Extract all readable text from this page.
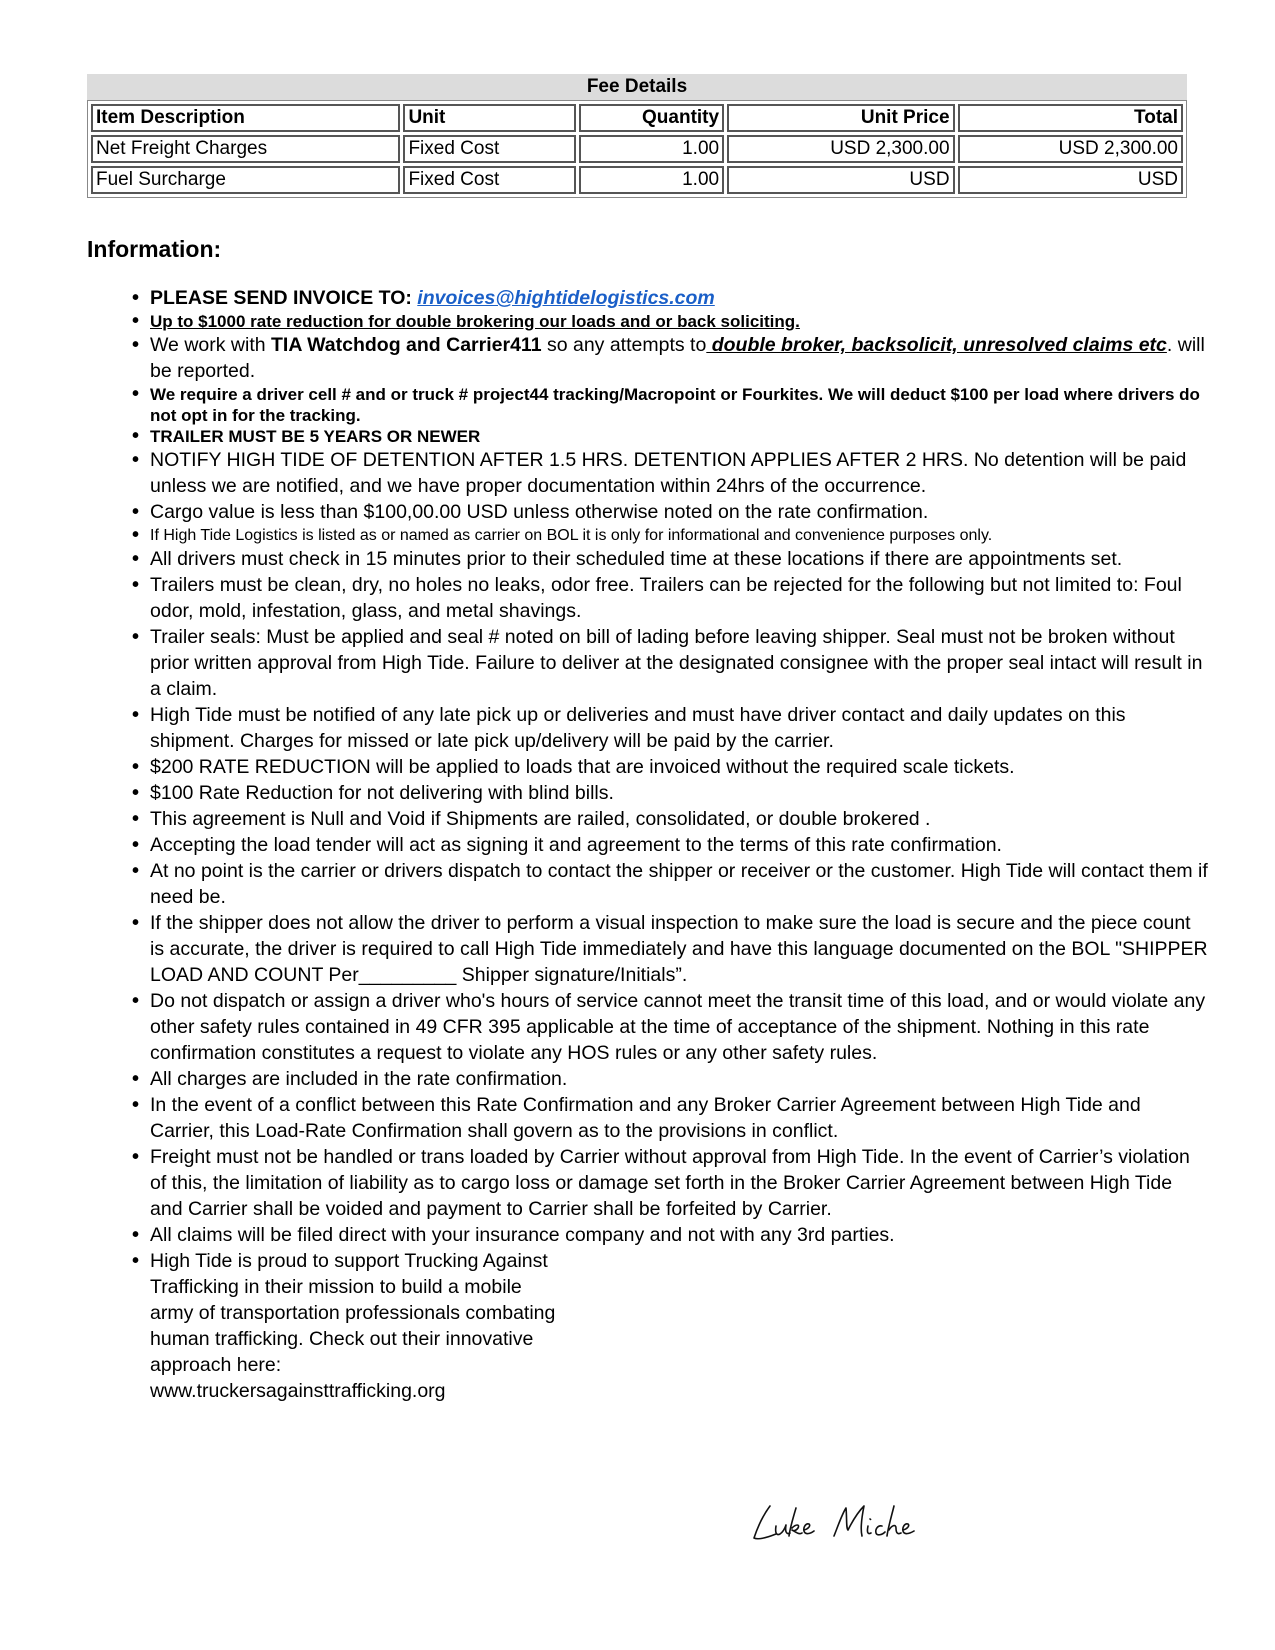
Fee Details
Item Description	Unit	Quantity	Unit Price	Total
Net Freight Charges	Fixed Cost	1.00	USD 2,300.00	USD 2,300.00
Fuel Surcharge	Fixed Cost	1.00	USD	USD
Information:
• PLEASE SEND INVOICE TO: invoices@hightidelogistics.com
• Up to $1000 rate reduction for double brokering our loads and or back soliciting.
• We work with TIA Watchdog and Carrier411 so any attempts to double broker, backsolicit, unresolved claims etc. will be reported.
• We require a driver cell # and or truck # project44 tracking/Macropoint or Fourkites. We will deduct $100 per load where drivers do not opt in for the tracking.
• TRAILER MUST BE 5 YEARS OR NEWER
• NOTIFY HIGH TIDE OF DETENTION AFTER 1.5 HRS. DETENTION APPLIES AFTER 2 HRS. No detention will be paid unless we are notified, and we have proper documentation within 24hrs of the occurrence.
• Cargo value is less than $100,00.00 USD unless otherwise noted on the rate confirmation.
• If High Tide Logistics is listed as or named as carrier on BOL it is only for informational and convenience purposes only.
• All drivers must check in 15 minutes prior to their scheduled time at these locations if there are appointments set.
• Trailers must be clean, dry, no holes no leaks, odor free. Trailers can be rejected for the following but not limited to: Foul odor, mold, infestation, glass, and metal shavings.
• Trailer seals: Must be applied and seal # noted on bill of lading before leaving shipper. Seal must not be broken without prior written approval from High Tide. Failure to deliver at the designated consignee with the proper seal intact will result in a claim.
• High Tide must be notified of any late pick up or deliveries and must have driver contact and daily updates on this shipment. Charges for missed or late pick up/delivery will be paid by the carrier.
• $200 RATE REDUCTION will be applied to loads that are invoiced without the required scale tickets.
• $100 Rate Reduction for not delivering with blind bills.
• This agreement is Null and Void if Shipments are railed, consolidated, or double brokered .
• Accepting the load tender will act as signing it and agreement to the terms of this rate confirmation.
• At no point is the carrier or drivers dispatch to contact the shipper or receiver or the customer. High Tide will contact them if need be.
• If the shipper does not allow the driver to perform a visual inspection to make sure the load is secure and the piece count is accurate, the driver is required to call High Tide immediately and have this language documented on the BOL "SHIPPER LOAD AND COUNT Per_________ Shipper signature/Initials”.
• Do not dispatch or assign a driver who's hours of service cannot meet the transit time of this load, and or would violate any other safety rules contained in 49 CFR 395 applicable at the time of acceptance of the shipment. Nothing in this rate confirmation constitutes a request to violate any HOS rules or any other safety rules.
• All charges are included in the rate confirmation.
• In the event of a conflict between this Rate Confirmation and any Broker Carrier Agreement between High Tide and Carrier, this Load-Rate Confirmation shall govern as to the provisions in conflict.
• Freight must not be handled or trans loaded by Carrier without approval from High Tide. In the event of Carrier’s violation of this, the limitation of liability as to cargo loss or damage set forth in the Broker Carrier Agreement between High Tide and Carrier shall be voided and payment to Carrier shall be forfeited by Carrier.
• All claims will be filed direct with your insurance company and not with any 3rd parties.
• High Tide is proud to support Trucking Against Trafficking in their mission to build a mobile army of transportation professionals combating human trafficking. Check out their innovative approach here: www.truckersagainsttrafficking.org
